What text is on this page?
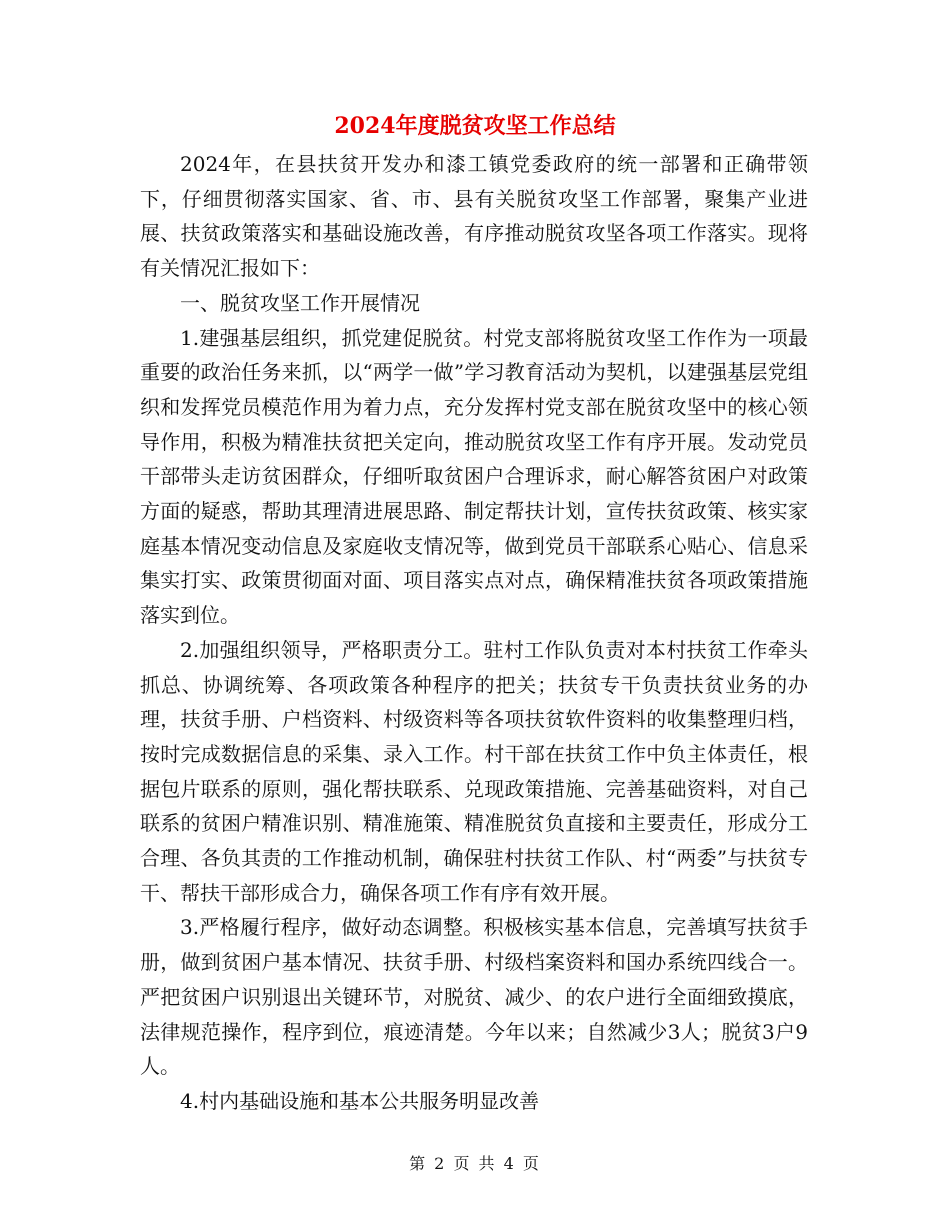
2024年度脱贫攻坚工作总结

2024年，在县扶贫开发办和漆工镇党委政府的统一部署和正确带领下，仔细贯彻落实国家、省、市、县有关脱贫攻坚工作部署，聚集产业进展、扶贫政策落实和基础设施改善，有序推动脱贫攻坚各项工作落实。现将有关情况汇报如下：

一、脱贫攻坚工作开展情况

1.建强基层组织，抓党建促脱贫。村党支部将脱贫攻坚工作作为一项最重要的政治任务来抓，以“两学一做”学习教育活动为契机，以建强基层党组织和发挥党员模范作用为着力点，充分发挥村党支部在脱贫攻坚中的核心领导作用，积极为精准扶贫把关定向，推动脱贫攻坚工作有序开展。发动党员干部带头走访贫困群众，仔细听取贫困户合理诉求，耐心解答贫困户对政策方面的疑惑，帮助其理清进展思路、制定帮扶计划，宣传扶贫政策、核实家庭基本情况变动信息及家庭收支情况等，做到党员干部联系心贴心、信息采集实打实、政策贯彻面对面、项目落实点对点，确保精准扶贫各项政策措施落实到位。

2.加强组织领导，严格职责分工。驻村工作队负责对本村扶贫工作牵头抓总、协调统筹、各项政策各种程序的把关；扶贫专干负责扶贫业务的办理，扶贫手册、户档资料、村级资料等各项扶贫软件资料的收集整理归档，按时完成数据信息的采集、录入工作。村干部在扶贫工作中负主体责任，根据包片联系的原则，强化帮扶联系、兑现政策措施、完善基础资料，对自己联系的贫困户精准识别、精准施策、精准脱贫负直接和主要责任，形成分工合理、各负其责的工作推动机制，确保驻村扶贫工作队、村“两委”与扶贫专干、帮扶干部形成合力，确保各项工作有序有效开展。

3.严格履行程序，做好动态调整。积极核实基本信息，完善填写扶贫手册，做到贫困户基本情况、扶贫手册、村级档案资料和国办系统四线合一。严把贫困户识别退出关键环节，对脱贫、减少、的农户进行全面细致摸底，法律规范操作，程序到位，痕迹清楚。今年以来；自然减少3人；脱贫3户9人。

4.村内基础设施和基本公共服务明显改善

第 2 页 共 4 页
